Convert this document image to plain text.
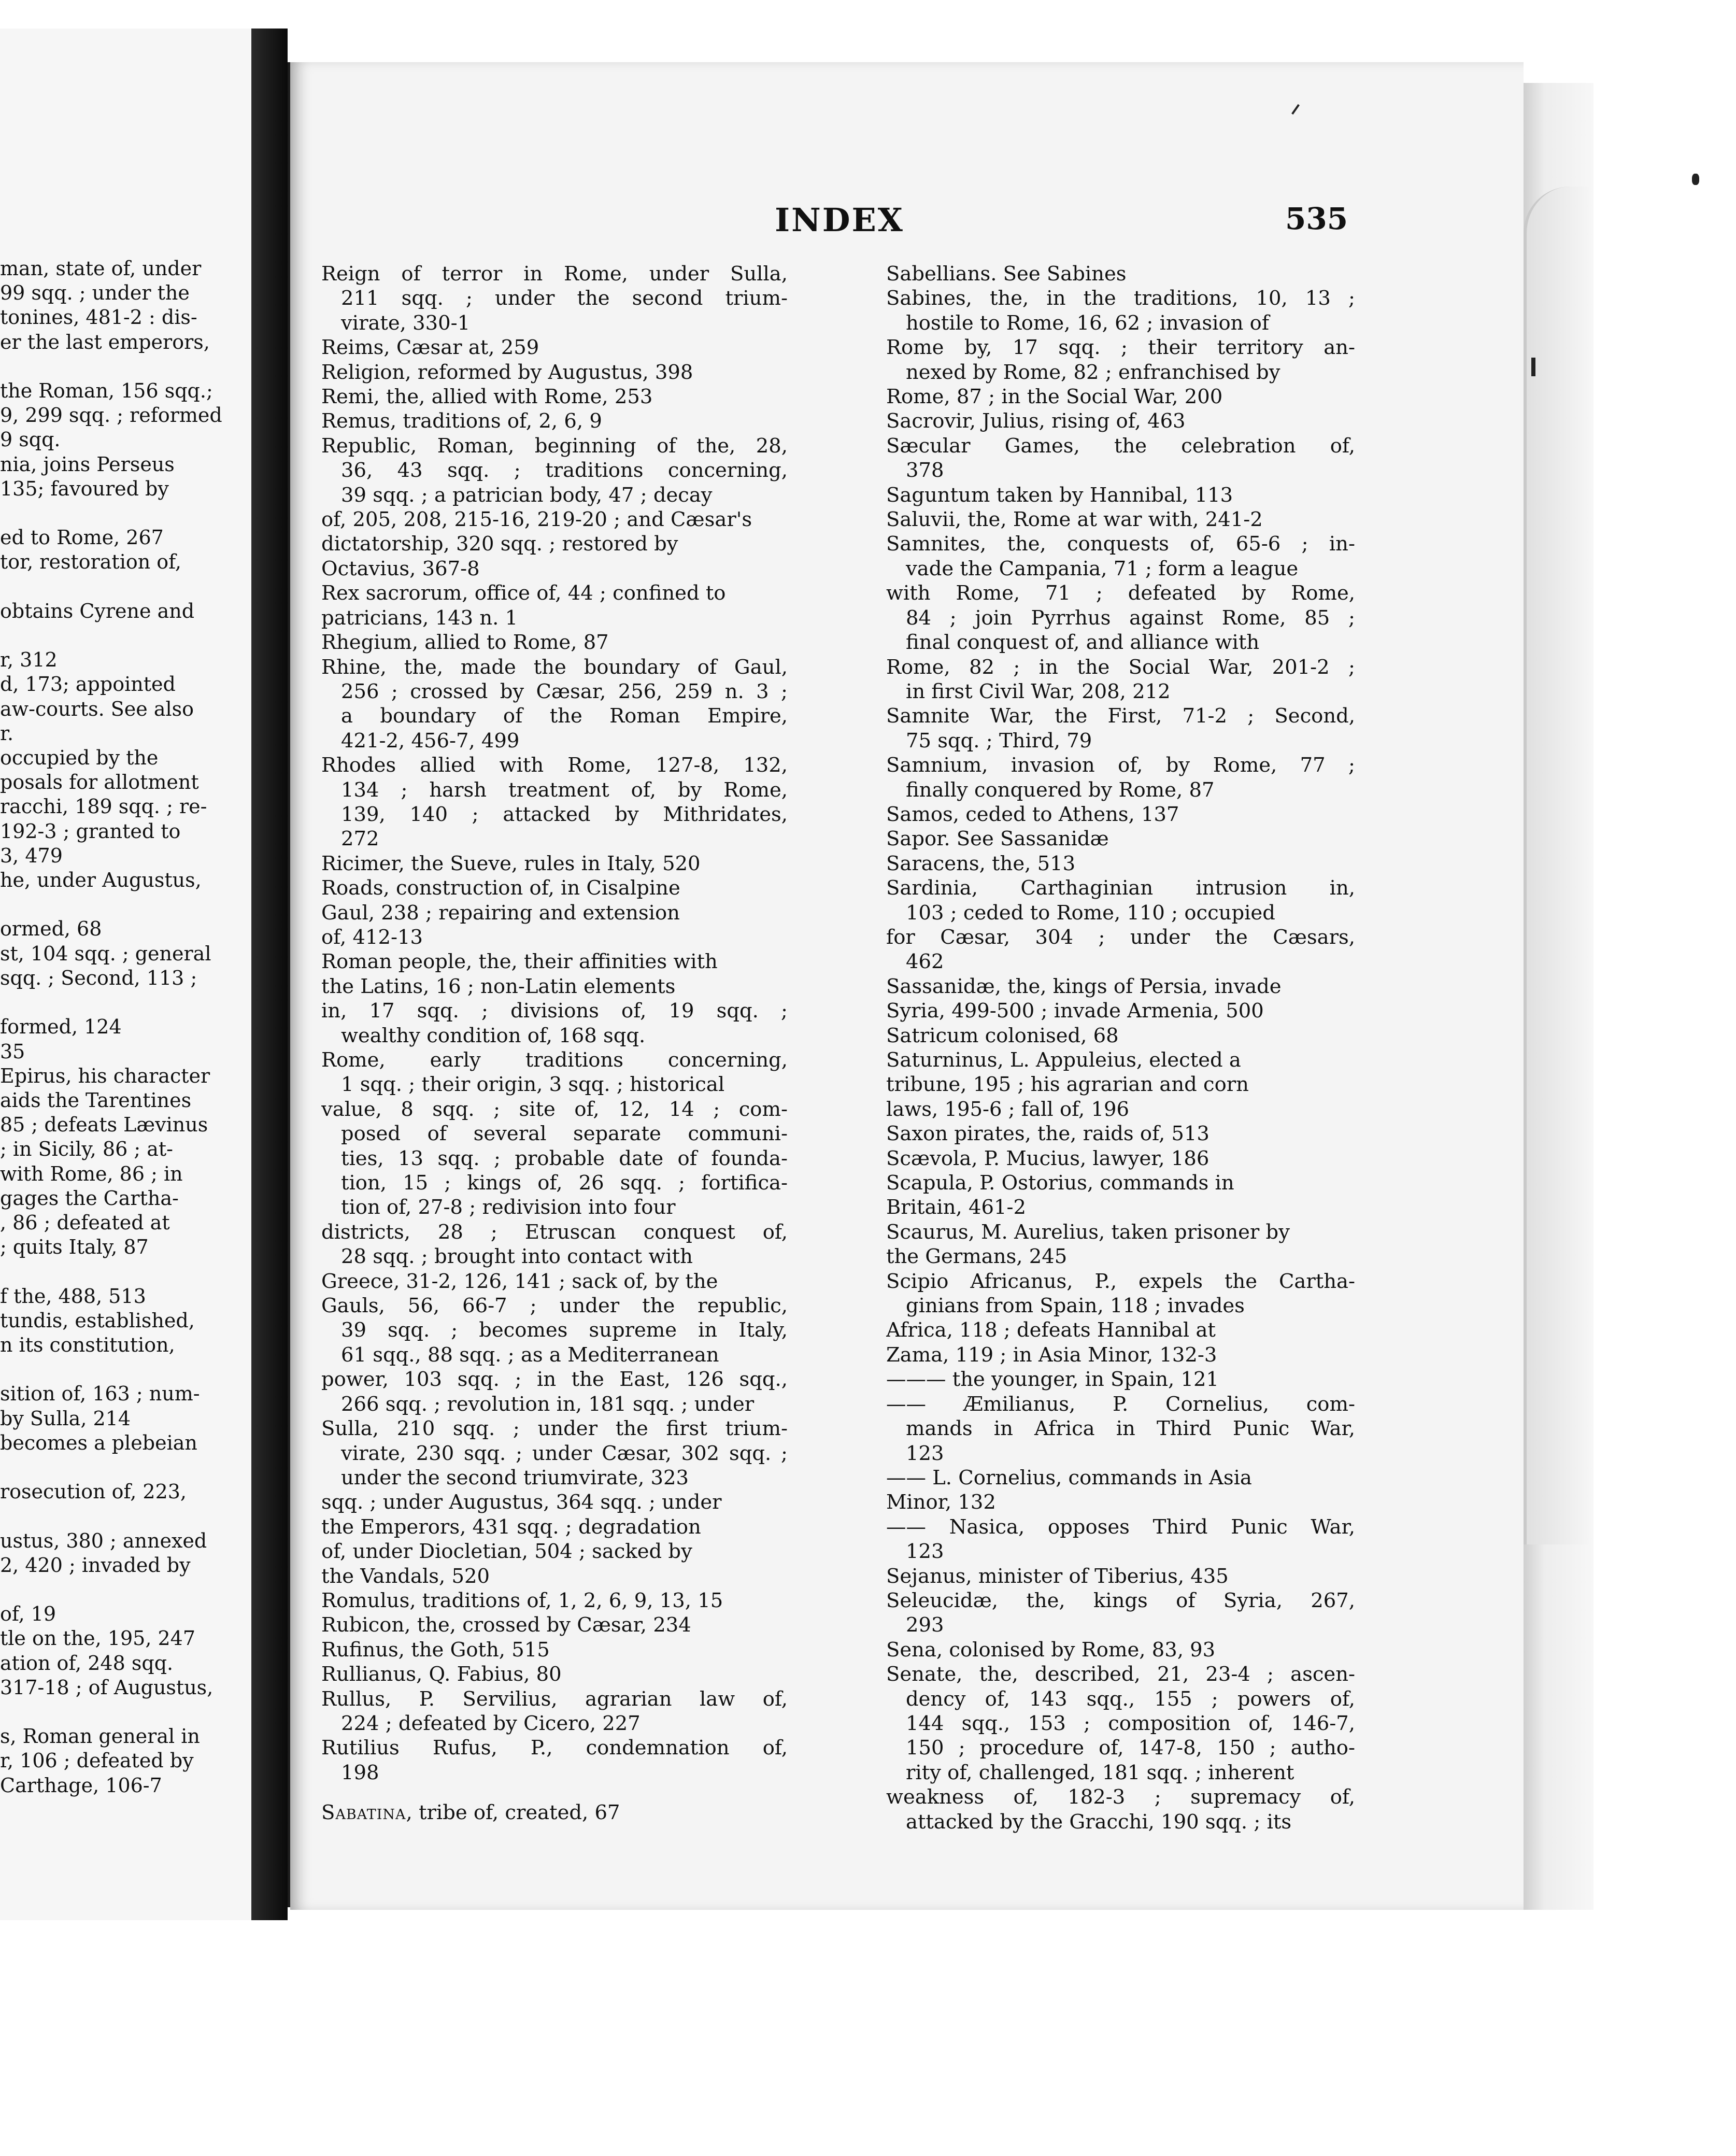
man, state of, under
99 sqq. ; under the
tonines, 481-2 : dis-
er the last emperors,

the Roman, 156 sqq.;
9, 299 sqq. ; reformed
9 sqq.
nia, joins Perseus
135; favoured by

ed to Rome, 267
tor, restoration of,

obtains Cyrene and

r, 312
d, 173; appointed
aw-courts. See also
r.
occupied by the
posals for allotment
racchi, 189 sqq. ; re-
192-3 ; granted to
3, 479
he, under Augustus,

ormed, 68
st, 104 sqq. ; general
sqq. ; Second, 113 ;

formed, 124
35
Epirus, his character
aids the Tarentines
85 ; defeats Lævinus
; in Sicily, 86 ; at-
with Rome, 86 ; in
gages the Cartha-
, 86 ; defeated at
; quits Italy, 87

f the, 488, 513
tundis, established,
n its constitution,

sition of, 163 ; num-
by Sulla, 214
becomes a plebeian

rosecution of, 223,

ustus, 380 ; annexed
2, 420 ; invaded by

of, 19
tle on the, 195, 247
ation of, 248 sqq.
317-18 ; of Augustus,

s, Roman general in
r, 106 ; defeated by
Carthage, 106-7
INDEX	535
Reign of terror in Rome, under Sulla,
211 sqq. ; under the second trium-
virate, 330-1
Reims, Cæsar at, 259
Religion, reformed by Augustus, 398
Remi, the, allied with Rome, 253
Remus, traditions of, 2, 6, 9
Republic, Roman, beginning of the, 28,
36, 43 sqq. ; traditions concerning,
39 sqq. ; a patrician body, 47 ; decay
of, 205, 208, 215-16, 219-20 ; and Cæsar's
dictatorship, 320 sqq. ; restored by
Octavius, 367-8
Rex sacrorum, office of, 44 ; confined to
patricians, 143 n. 1
Rhegium, allied to Rome, 87
Rhine, the, made the boundary of Gaul,
256 ; crossed by Cæsar, 256, 259 n. 3 ;
a boundary of the Roman Empire,
421-2, 456-7, 499
Rhodes allied with Rome, 127-8, 132,
134 ; harsh treatment of, by Rome,
139, 140 ; attacked by Mithridates,
272
Ricimer, the Sueve, rules in Italy, 520
Roads, construction of, in Cisalpine
Gaul, 238 ; repairing and extension
of, 412-13
Roman people, the, their affinities with
the Latins, 16 ; non-Latin elements
in, 17 sqq. ; divisions of, 19 sqq. ;
wealthy condition of, 168 sqq.
Rome, early traditions concerning,
1 sqq. ; their origin, 3 sqq. ; historical
value, 8 sqq. ; site of, 12, 14 ; com-
posed of several separate communi-
ties, 13 sqq. ; probable date of founda-
tion, 15 ; kings of, 26 sqq. ; fortifica-
tion of, 27-8 ; redivision into four
districts, 28 ; Etruscan conquest of,
28 sqq. ; brought into contact with
Greece, 31-2, 126, 141 ; sack of, by the
Gauls, 56, 66-7 ; under the republic,
39 sqq. ; becomes supreme in Italy,
61 sqq., 88 sqq. ; as a Mediterranean
power, 103 sqq. ; in the East, 126 sqq.,
266 sqq. ; revolution in, 181 sqq. ; under
Sulla, 210 sqq. ; under the first trium-
virate, 230 sqq. ; under Cæsar, 302 sqq. ;
under the second triumvirate, 323
sqq. ; under Augustus, 364 sqq. ; under
the Emperors, 431 sqq. ; degradation
of, under Diocletian, 504 ; sacked by
the Vandals, 520
Romulus, traditions of, 1, 2, 6, 9, 13, 15
Rubicon, the, crossed by Cæsar, 234
Rufinus, the Goth, 515
Rullianus, Q. Fabius, 80
Rullus, P. Servilius, agrarian law of,
224 ; defeated by Cicero, 227
Rutilius Rufus, P., condemnation of,
198
Sabatina, tribe of, created, 67
Sabellians. See Sabines
Sabines, the, in the traditions, 10, 13 ;
hostile to Rome, 16, 62 ; invasion of
Rome by, 17 sqq. ; their territory an-
nexed by Rome, 82 ; enfranchised by
Rome, 87 ; in the Social War, 200
Sacrovir, Julius, rising of, 463
Sæcular Games, the celebration of,
378
Saguntum taken by Hannibal, 113
Saluvii, the, Rome at war with, 241-2
Samnites, the, conquests of, 65-6 ; in-
vade the Campania, 71 ; form a league
with Rome, 71 ; defeated by Rome,
84 ; join Pyrrhus against Rome, 85 ;
final conquest of, and alliance with
Rome, 82 ; in the Social War, 201-2 ;
in first Civil War, 208, 212
Samnite War, the First, 71-2 ; Second,
75 sqq. ; Third, 79
Samnium, invasion of, by Rome, 77 ;
finally conquered by Rome, 87
Samos, ceded to Athens, 137
Sapor. See Sassanidæ
Saracens, the, 513
Sardinia, Carthaginian intrusion in,
103 ; ceded to Rome, 110 ; occupied
for Cæsar, 304 ; under the Cæsars,
462
Sassanidæ, the, kings of Persia, invade
Syria, 499-500 ; invade Armenia, 500
Satricum colonised, 68
Saturninus, L. Appuleius, elected a
tribune, 195 ; his agrarian and corn
laws, 195-6 ; fall of, 196
Saxon pirates, the, raids of, 513
Scævola, P. Mucius, lawyer, 186
Scapula, P. Ostorius, commands in
Britain, 461-2
Scaurus, M. Aurelius, taken prisoner by
the Germans, 245
Scipio Africanus, P., expels the Cartha-
ginians from Spain, 118 ; invades
Africa, 118 ; defeats Hannibal at
Zama, 119 ; in Asia Minor, 132-3
——— the younger, in Spain, 121
—— Æmilianus, P. Cornelius, com-
mands in Africa in Third Punic War,
123
—— L. Cornelius, commands in Asia
Minor, 132
—— Nasica, opposes Third Punic War,
123
Sejanus, minister of Tiberius, 435
Seleucidæ, the, kings of Syria, 267,
293
Sena, colonised by Rome, 83, 93
Senate, the, described, 21, 23-4 ; ascen-
dency of, 143 sqq., 155 ; powers of,
144 sqq., 153 ; composition of, 146-7,
150 ; procedure of, 147-8, 150 ; autho-
rity of, challenged, 181 sqq. ; inherent
weakness of, 182-3 ; supremacy of,
attacked by the Gracchi, 190 sqq. ; its
